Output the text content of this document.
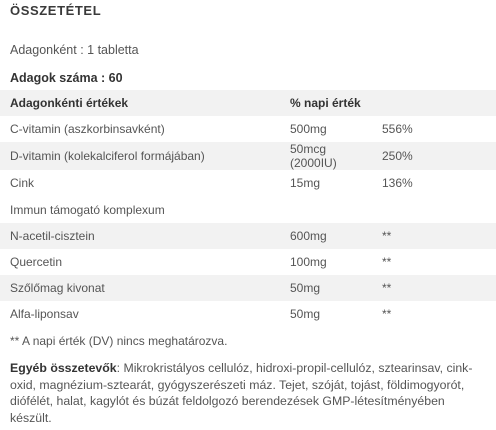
ÖSSZETÉTEL
Adagonként : 1 tabletta
Adagok száma : 60
Adagonkénti értékek	% napi érték	
C-vitamin (aszkorbinsavként)	500mg	556%
D-vitamin (kolekalciferol formájában)	50mcg (2000IU)	250%
Cink	15mg	136%
Immun támogató komplexum		
N-acetil-cisztein	600mg	**
Quercetin	100mg	**
Szőlőmag kivonat	50mg	**
Alfa-liponsav	50mg	**
** A napi érték (DV) nincs meghatározva.
Egyéb összetevők: Mikrokristályos cellulóz, hidroxi-propil-cellulóz, sztearinsav, cink-oxid, magnézium-sztearát, gyógyszerészeti máz. Tejet, szóját, tojást, földimogyorót, diófélét, halat, kagylót és búzát feldolgozó berendezések GMP-létesítményében készült.
